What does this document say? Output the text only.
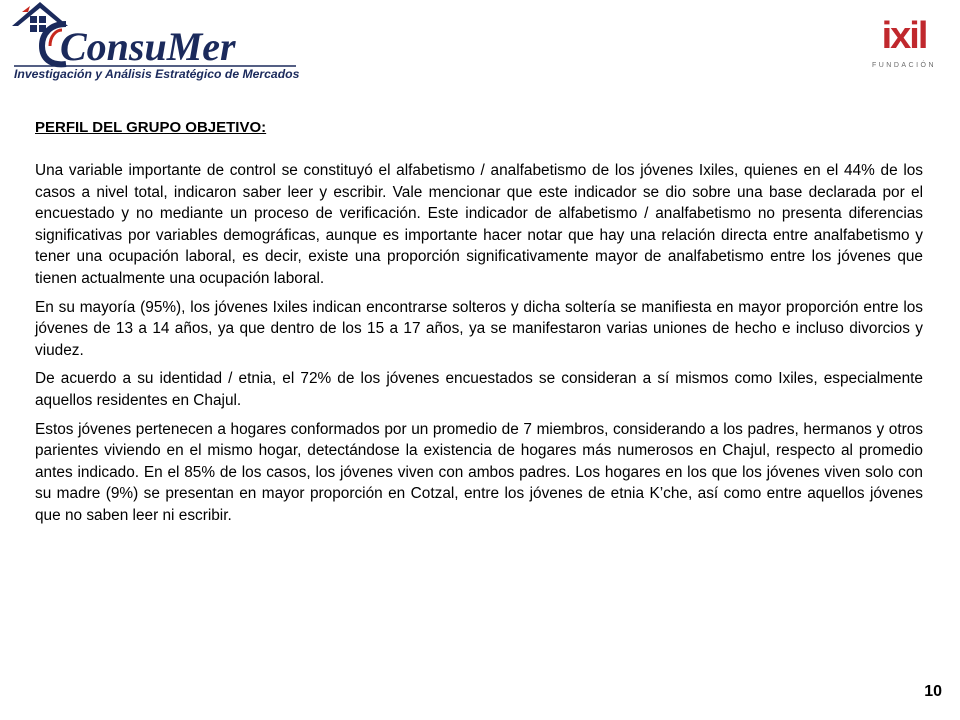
ConsuMer
Investigación y Análisis Estratégico de Mercados
ixil
FUNDACIÓN
PERFIL DEL GRUPO OBJETIVO:

Una variable importante de control se constituyó el alfabetismo / analfabetismo de los jóvenes Ixiles, quienes en el 44% de los casos a nivel total, indicaron saber leer y escribir. Vale mencionar que este indicador se dio sobre una base declarada por el encuestado y no mediante un proceso de verificación. Este indicador de alfabetismo / analfabetismo no presenta diferencias significativas por variables demográficas, aunque es importante hacer notar que hay una relación directa entre analfabetismo y tener una ocupación laboral, es decir, existe una proporción significativamente mayor de analfabetismo entre los jóvenes que tienen actualmente una ocupación laboral.

En su mayoría (95%), los jóvenes Ixiles indican encontrarse solteros y dicha soltería se manifiesta en mayor proporción entre los jóvenes de 13 a 14 años, ya que dentro de los 15 a 17 años, ya se manifestaron varias uniones de hecho e incluso divorcios y viudez.

De acuerdo a su identidad / etnia, el 72% de los jóvenes encuestados se consideran a sí mismos como Ixiles, especialmente aquellos residentes en Chajul.

Estos jóvenes pertenecen a hogares conformados por un promedio de 7 miembros, considerando a los padres, hermanos y otros parientes viviendo en el mismo hogar, detectándose la existencia de hogares más numerosos en Chajul, respecto al promedio antes indicado. En el 85% de los casos, los jóvenes viven con ambos padres. Los hogares en los que los jóvenes viven solo con su madre (9%) se presentan en mayor proporción en Cotzal, entre los jóvenes de etnia K’che, así como entre aquellos jóvenes que no saben leer ni escribir.

10
